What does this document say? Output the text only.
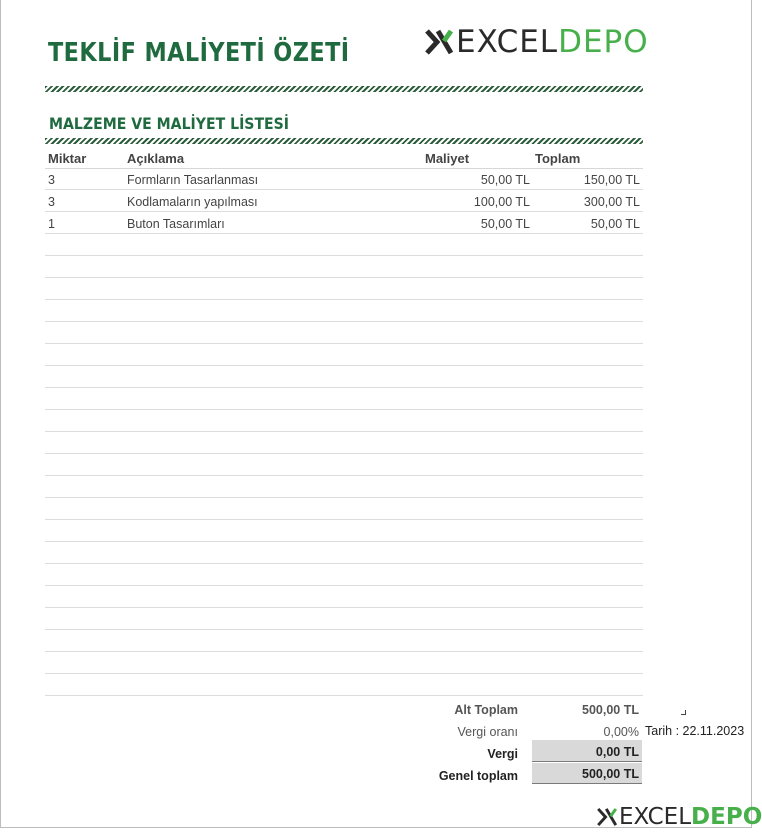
TEKLİF MALİYETİ ÖZETİ	EXCELDEPO
MALZEME VE MALİYET LİSTESİ
Miktar	Açıklama	Maliyet	Toplam
3	Formların Tasarlanması	50,00 TL	150,00 TL
3	Kodlamaların yapılması	100,00 TL	300,00 TL
1	Buton Tasarımları	50,00 TL	50,00 TL
Alt Toplam	500,00 TL
Vergi oranı	0,00%
Vergi	0,00 TL
Genel toplam	500,00 TL
Tarih : 22.11.2023
EXCELDEPO
